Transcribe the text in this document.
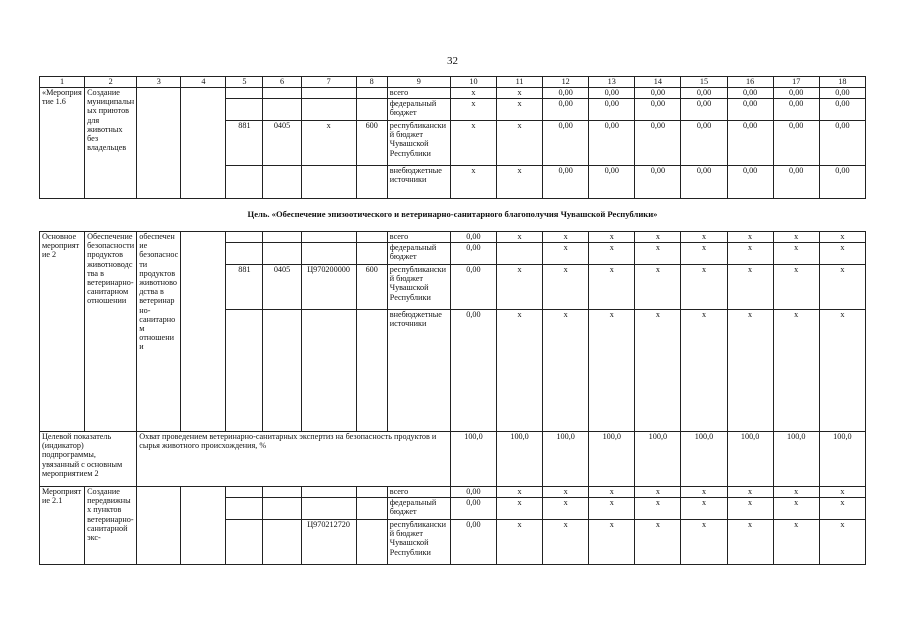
32
1	2	3	4	5	6	7	8	9	10	11	12	13	14	15	16	17	18
«Мероприятие 1.6	Создание муниципальных приютов для животных без владельцев							всего	x	x	0,00	0,00	0,00	0,00	0,00	0,00	0,00
								федеральный бюджет	x	x	0,00	0,00	0,00	0,00	0,00	0,00	0,00
				881	0405	x	600	республиканский бюджет Чувашской Республики	x	x	0,00	0,00	0,00	0,00	0,00	0,00	0,00
								внебюджетные источники	x	x	0,00	0,00	0,00	0,00	0,00	0,00	0,00
Цель. «Обеспечение эпизоотического и ветеринарно-санитарного благополучия Чувашской Республики»																	
Основное мероприятие 2	Обеспечение безопасности продуктов животноводства в ветеринарно-санитарном отношении	обеспечение безопасности продуктов животноводства в ветеринарно-санитарном отношении						всего	0,00	x	x	x	x	x	x	x	x
								федеральный бюджет	0,00		x	x	x	x	x	x	x
				881	0405	Ц970200000	600	республиканский бюджет Чувашской Республики	0,00	x	x	x	x	x	x	x	x
								внебюджетные источники	0,00	x	x	x	x	x	x	x	x
Целевой показатель (индикатор) подпрограммы, увязанный с основным мероприятием 2		Охват проведением ветеринарно-санитарных экспертиз на безопасность продуктов и сырья животного происхождения, %							100,0	100,0	100,0	100,0	100,0	100,0	100,0	100,0	100,0
Мероприятие 2.1	Создание передвижных пунктов ветеринарно-санитарной экс-							всего	0,00	x	x	x	x	x	x	x	x
								федеральный бюджет	0,00	x	x	x	x	x	x	x	x
						Ц970212720		республиканский бюджет Чувашской Республики	0,00	x	x	x	x	x	x	x	x
